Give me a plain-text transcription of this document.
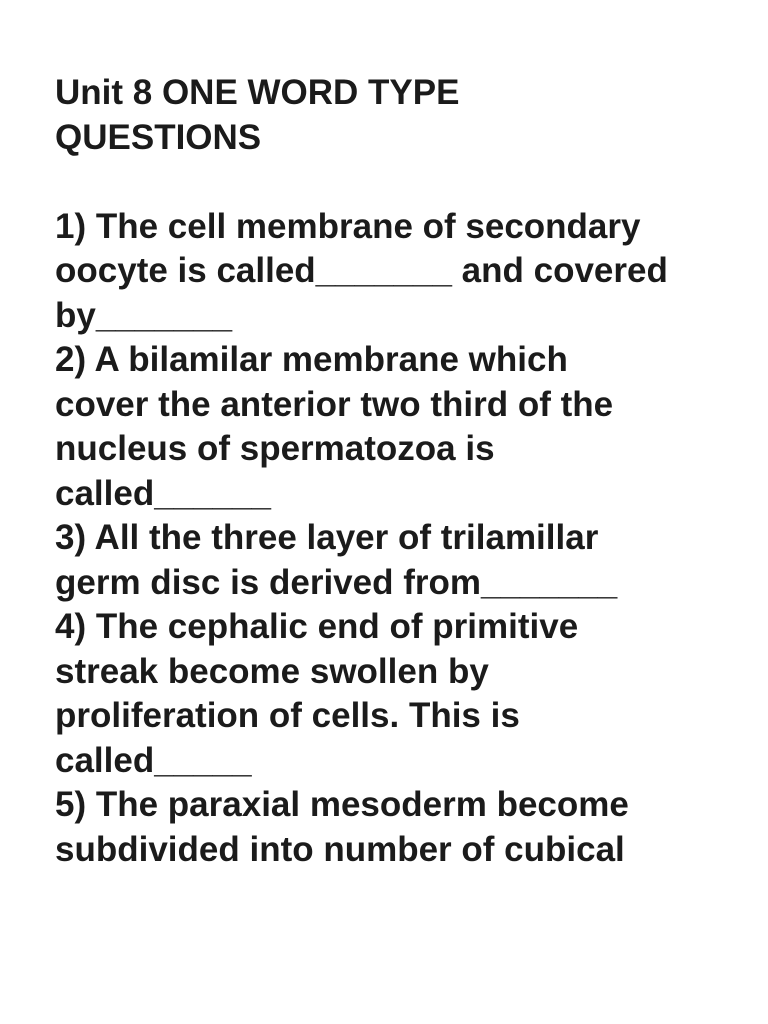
Unit 8 ONE WORD TYPE
QUESTIONS
1) The cell membrane of secondary
oocyte is called_______ and covered
by_______
2) A bilamilar membrane which
cover the anterior two third of the
nucleus of spermatozoa is
called______
3) All the three layer of trilamillar
germ disc is derived from_______
4) The cephalic end of primitive
streak become swollen by
proliferation of cells. This is
called_____
5) The paraxial mesoderm become
subdivided into number of cubical
